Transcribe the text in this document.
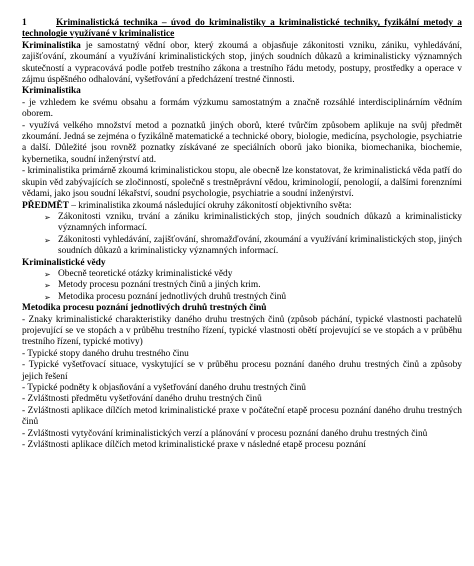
1	Kriminalistická technika – úvod do kriminalistiky a kriminalistické techniky, fyzikální metody a technologie využívané v kriminalistice

Kriminalistika je samostatný vědní obor, který zkoumá a objasňuje zákonitosti vzniku, zániku, vyhledávání, zajišťování, zkoumání a využívání kriminalistických stop, jiných soudních důkazů a kriminalisticky významných skutečností a vypracovává podle potřeb trestního zákona a trestního řádu metody, postupy, prostředky a operace v zájmu úspěšného odhalování, vyšetřování a předcházení trestné činnosti.

Kriminalistika

- je vzhledem ke svému obsahu a formám výzkumu samostatným a značně rozsáhlé interdisciplinárním vědním oborem.

- využívá velkého množství metod a poznatků jiných oborů, které tvůrčím způsobem aplikuje na svůj předmět zkoumání. Jedná se zejména o fyzikálně matematické a technické obory, biologie, medicína, psychologie, psychiatrie a další. Důležité jsou rovněž poznatky získávané ze speciálních oborů jako bionika, biomechanika, biochemie, kybernetika, soudní inženýrství atd.

- kriminalistika primárně zkoumá kriminalistickou stopu, ale obecně lze konstatovat, že kriminalistická věda patří do skupin věd zabývajících se zločinností, společně s trestněprávní vědou, kriminologií, penologií, a dalšími forenzními vědami, jako jsou soudní lékařství, soudní psychologie, psychiatrie a soudní inženýrství.

PŘEDMĚT – kriminalistika zkoumá následující okruhy zákonitostí objektivního světa:

➢ Zákonitosti vzniku, trvání a zániku kriminalistických stop, jiných soudních důkazů a kriminalisticky významných informací.
➢ Zákonitosti vyhledávání, zajišťování, shromažďování, zkoumání a využívání kriminalistických stop, jiných soudních důkazů a kriminalisticky významných informací.
Kriminalistické vědy
➢ Obecně teoretické otázky kriminalistické vědy
➢ Metody procesu poznání trestných činů a jiných krim.
➢ Metodika procesu poznání jednotlivých druhů trestných činů
Metodika procesu poznání jednotlivých druhů trestných činů

- Znaky kriminalistické charakteristiky daného druhu trestných činů (způsob páchání, typické vlastnosti pachatelů projevující se ve stopách a v průběhu trestního řízení, typické vlastnosti obětí projevující se ve stopách a v průběhu trestního řízení, typické motivy)

- Typické stopy daného druhu trestného činu

- Typické vyšetřovací situace, vyskytující se v průběhu procesu poznání daného druhu trestných činů a způsoby jejich řešení

- Typické podněty k objasňování a vyšetřování daného druhu trestných činů

- Zvláštnosti předmětu vyšetřování daného druhu trestných činů

- Zvláštnosti aplikace dílčích metod kriminalistické praxe v počáteční etapě procesu poznání daného druhu trestných činů

- Zvláštnosti vytyčování kriminalistických verzí a plánování v procesu poznání daného druhu trestných činů

- Zvláštnosti aplikace dílčích metod kriminalistické praxe v následné etapě procesu poznání
